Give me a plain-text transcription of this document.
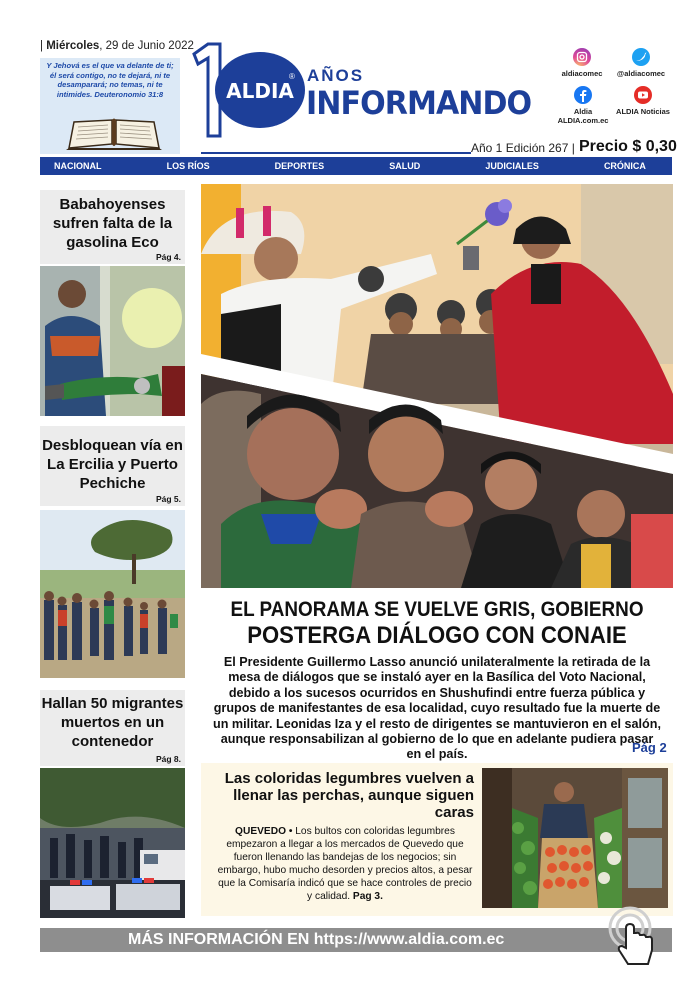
| Miércoles, 29 de Junio 2022
Y Jehová es el que va delante de ti; él será contigo, no te dejará, ni te desamparará; no temas, ni te intimides. Deuteronomio 31:8	ALDIA
® AÑOS
INFORMANDO
aldiacomec	@aldiacomec
Aldia
ALDIA.com.ec
ALDIA Noticias
Año 1 Edición 267 | Precio $ 0,30
NACIONAL	LOS RÍOS	DEPORTES	SALUD	JUDICIALES	CRÓNICA
Babahoyenses sufren falta de la gasolina Eco
Pág 4.
Desbloquean vía en La Ercilia y Puerto Pechiche
Pág 5.
Hallan 50 migrantes muertos en un contenedor
Pág 8.
EL PANORAMA SE VUELVE GRIS, GOBIERNO
POSTERGA DIÁLOGO CON CONAIE
El Presidente Guillermo Lasso anunció unilateralmente la retirada de la mesa de diálogos que se instaló ayer en la Basílica del Voto Nacional, debido a los sucesos ocurridos en Shushufindi entre fuerza pública y grupos de manifestantes de esa localidad, cuyo resultado fue la muerte de un militar. Leonidas Iza y el resto de dirigentes se mantuvieron en el salón, aunque responsabilizan al gobierno de lo que en adelante pudiera pasar en el país.	Pág 2
Las coloridas legumbres vuelven a llenar las perchas, aunque siguen caras
QUEVEDO • Los bultos con coloridas legumbres empezaron a llegar a los mercados de Quevedo que fueron llenando las bandejas de los negocios; sin embargo, hubo mucho desorden y precios altos, a pesar que la Comisaría indicó que se hace controles de precio y calidad. Pag 3.
MÁS INFORMACIÓN EN https://www.aldia.com.ec
